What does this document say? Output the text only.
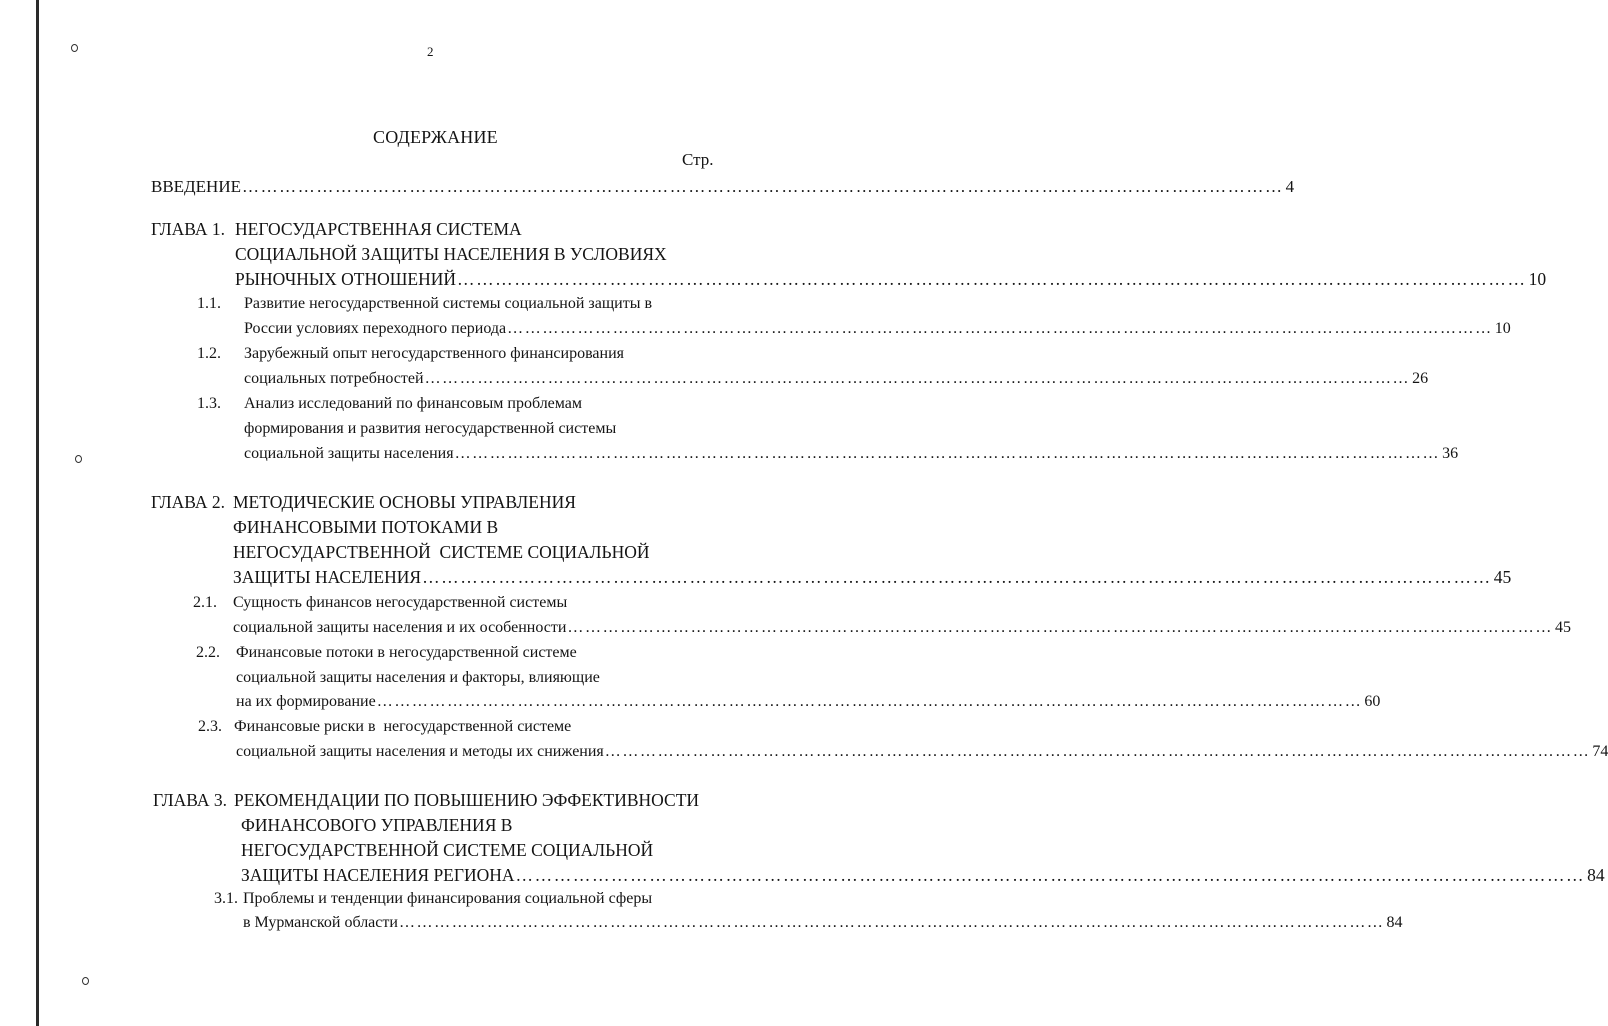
2
СОДЕРЖАНИЕ
Стр.
ВВЕДЕНИЕ …………………………………………………………………………………………………………………………………………………… 4
ГЛАВА 1. НЕГОСУДАРСТВЕННАЯ СИСТЕМА
СОЦИАЛЬНОЙ ЗАЩИТЫ НАСЕЛЕНИЯ В УСЛОВИЯХ
РЫНОЧНЫХ ОТНОШЕНИЙ …………………………………………………………………………………………………………………………………………………… 10
1.1. Развитие негосударственной системы социальной защиты в
России условиях переходного периода …………………………………………………………………………………………………………………………………………………… 10
1.2. Зарубежный опыт негосударственного финансирования
социальных потребностей …………………………………………………………………………………………………………………………………………………… 26
1.3. Анализ исследований по финансовым проблемам
формирования и развития негосударственной системы
социальной защиты населения …………………………………………………………………………………………………………………………………………………… 36
ГЛАВА 2. МЕТОДИЧЕСКИЕ ОСНОВЫ УПРАВЛЕНИЯ
ФИНАНСОВЫМИ ПОТОКАМИ В
НЕГОСУДАРСТВЕННОЙ  СИСТЕМЕ СОЦИАЛЬНОЙ
ЗАЩИТЫ НАСЕЛЕНИЯ …………………………………………………………………………………………………………………………………………………… 45
2.1. Сущность финансов негосударственной системы
социальной защиты населения и их особенности …………………………………………………………………………………………………………………………………………………… 45
2.2. Финансовые потоки в негосударственной системе
социальной защиты населения и факторы, влияющие
на их формирование …………………………………………………………………………………………………………………………………………………… 60
2.3. Финансовые риски в  негосударственной системе
социальной защиты населения и методы их снижения …………………………………………………………………………………………………………………………………………………… 74
ГЛАВА 3. РЕКОМЕНДАЦИИ ПО ПОВЫШЕНИЮ ЭФФЕКТИВНОСТИ
ФИНАНСОВОГО УПРАВЛЕНИЯ В
НЕГОСУДАРСТВЕННОЙ СИСТЕМЕ СОЦИАЛЬНОЙ
ЗАЩИТЫ НАСЕЛЕНИЯ РЕГИОНА …………………………………………………………………………………………………………………………………………………… 84
3.1. Проблемы и тенденции финансирования социальной сферы
в Мурманской области …………………………………………………………………………………………………………………………………………………… 84
